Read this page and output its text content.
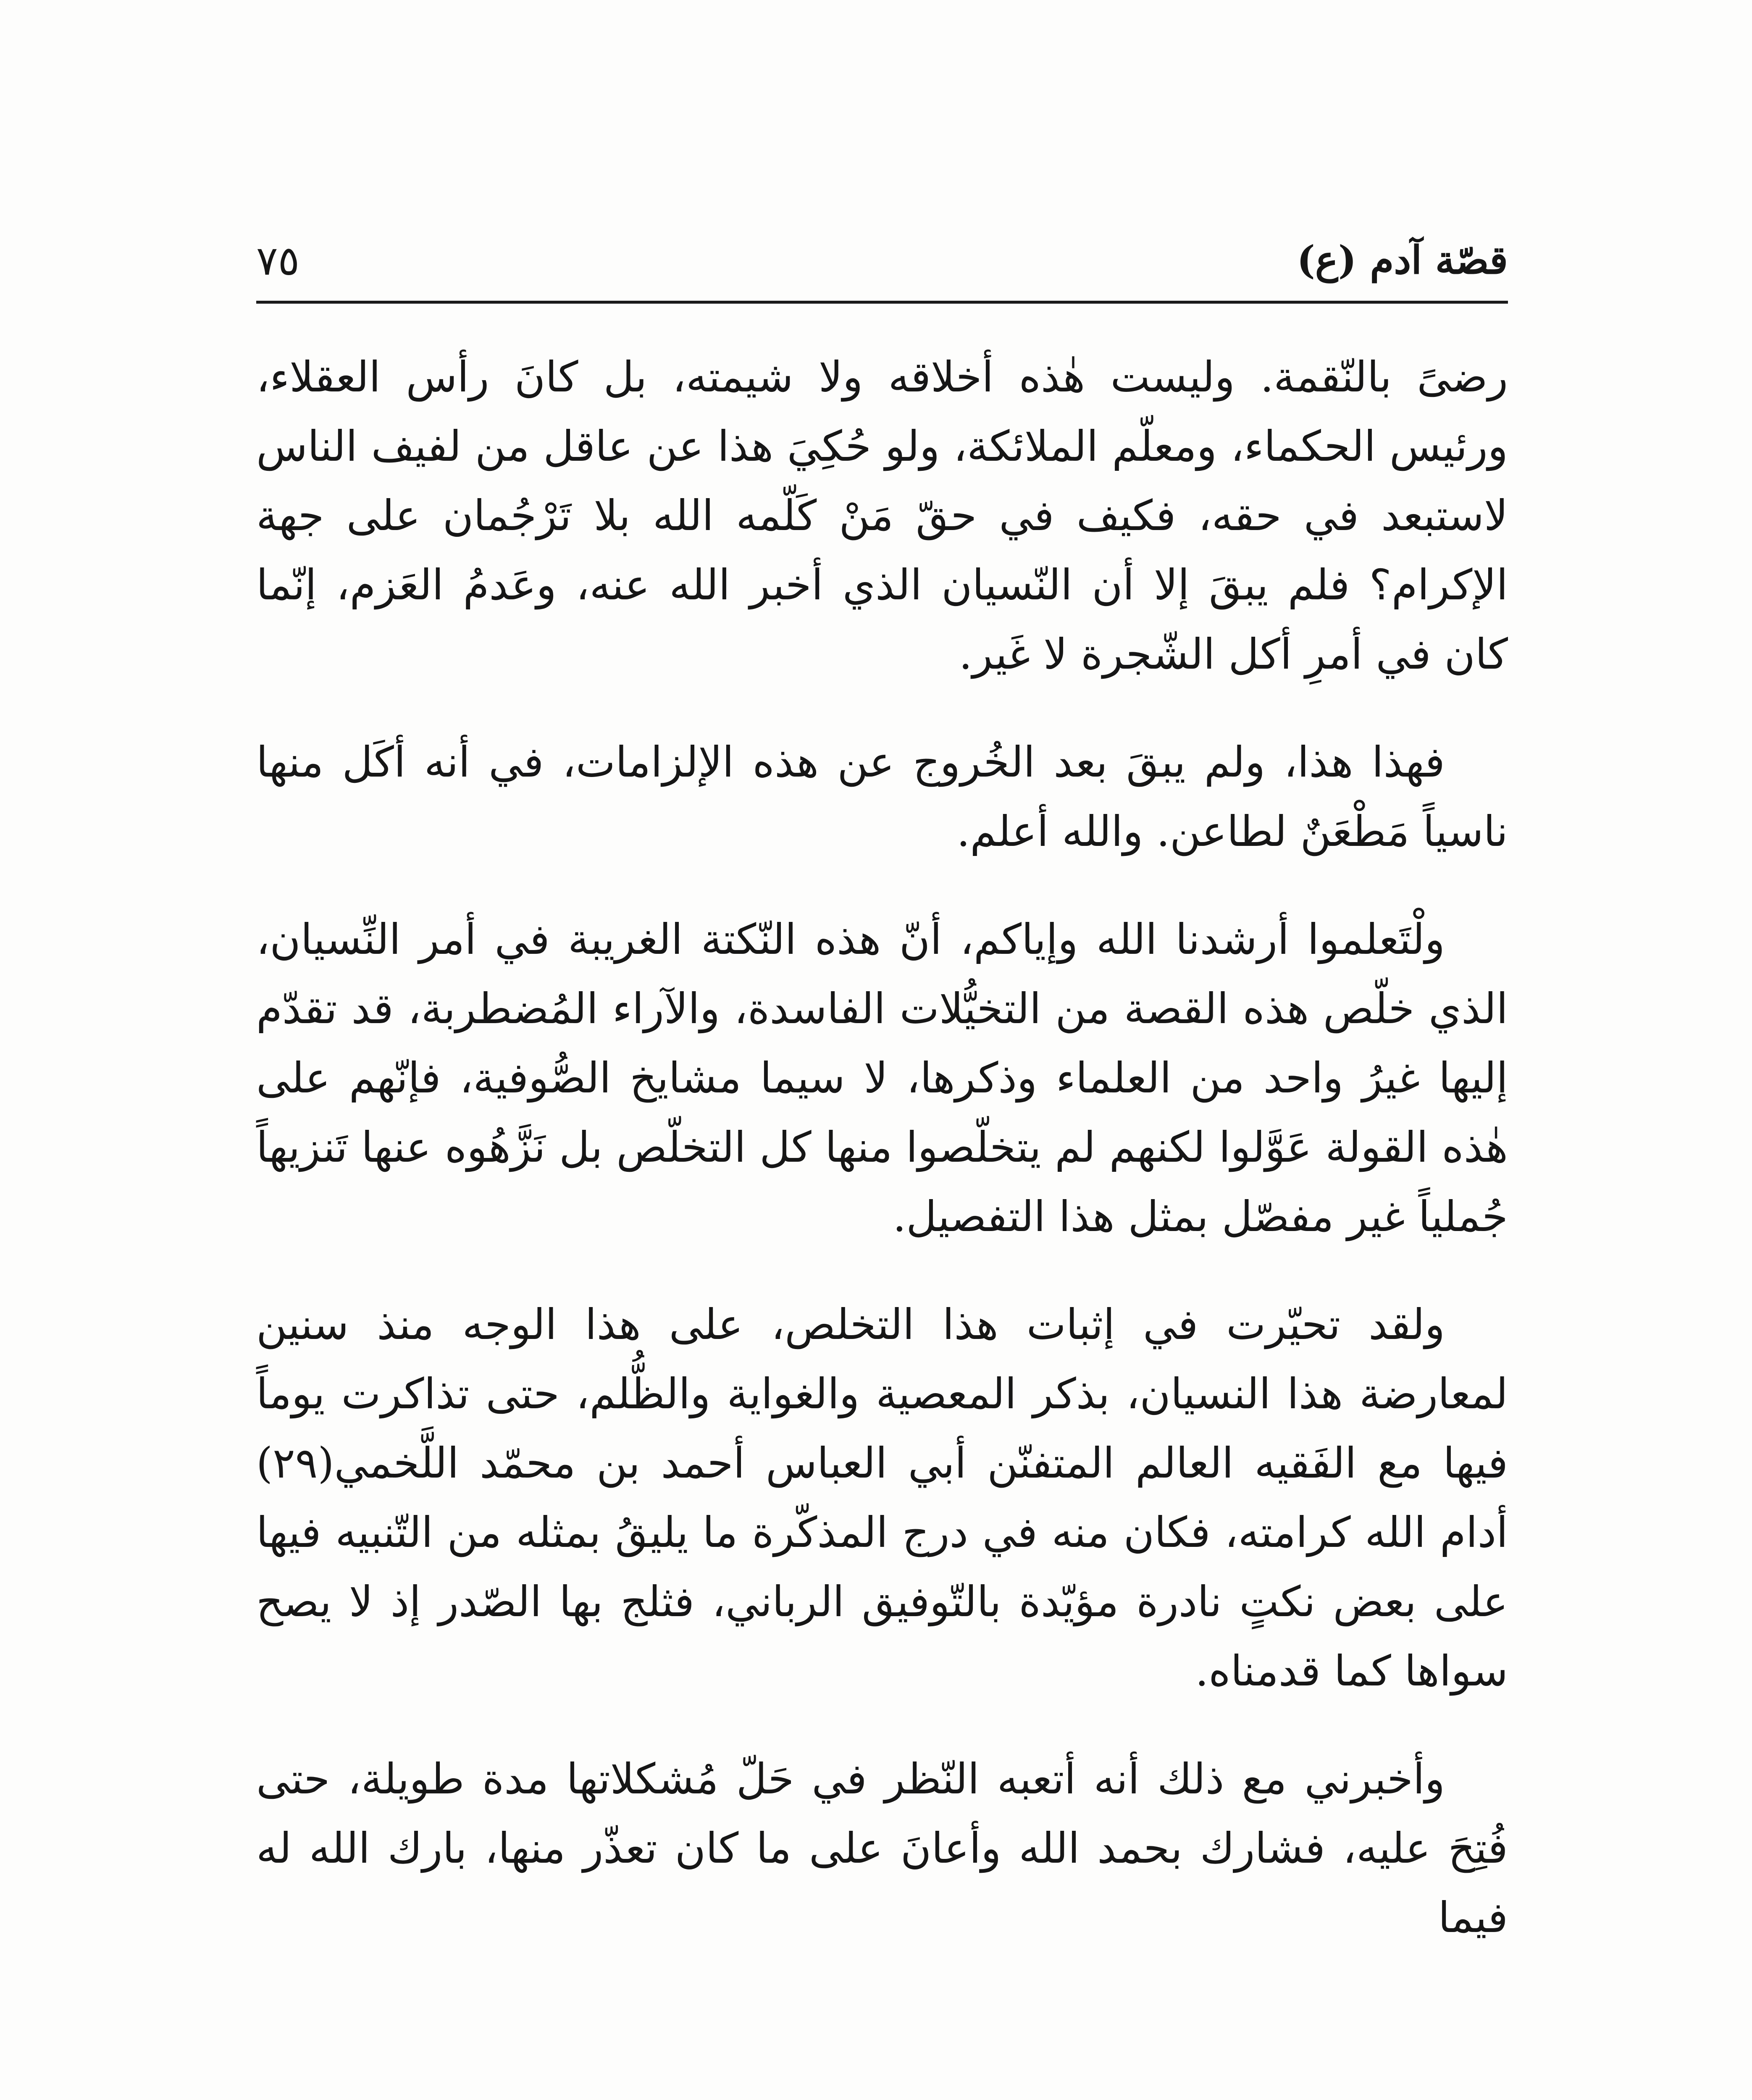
قصّة آدم (ع)
٧٥

رضىً بالنّقمة. وليست هٰذه أخلاقه ولا شيمته، بل كانَ رأس العقلاء، ورئيس الحكماء، ومعلّم الملائكة، ولو حُكِيَ هذا عن عاقل من لفيف الناس لاستبعد في حقه، فكيف في حقّ مَنْ كَلّمه الله بلا تَرْجُمان على جهة الإكرام؟ فلم يبقَ إلا أن النّسيان الذي أخبر الله عنه، وعَدمُ العَزم، إنّما كان في أمرِ أكل الشّجرة لا غَير.

فهذا هذا، ولم يبقَ بعد الخُروج عن هذه الإلزامات، في أنه أكَل منها ناسياً مَطْعَنٌ لطاعن. والله أعلم.

ولْتَعلموا أرشدنا الله وإياكم، أنّ هذه النّكتة الغريبة في أمر النِّسيان، الذي خلّص هذه القصة من التخيُّلات الفاسدة، والآراء المُضطربة، قد تقدّم إليها غيرُ واحد من العلماء وذكرها، لا سيما مشايخ الصُّوفية، فإنّهم على هٰذه القولة عَوَّلوا لكنهم لم يتخلّصوا منها كل التخلّص بل نَزَّهُوه عنها تَنزيهاً جُملياً غير مفصّل بمثل هذا التفصيل.

ولقد تحيّرت في إثبات هذا التخلص، على هذا الوجه منذ سنين لمعارضة هذا النسيان، بذكر المعصية والغواية والظُّلم، حتى تذاكرت يوماً فيها مع الفَقيه العالم المتفنّن أبي العباس أحمد بن محمّد اللَّخمي(٢٩) أدام الله كرامته، فكان منه في درج المذكّرة ما يليقُ بمثله من التّنبيه فيها على بعض نكتٍ نادرة مؤيّدة بالتّوفيق الرباني، فثلج بها الصّدر إذ لا يصح سواها كما قدمناه.

وأخبرني مع ذلك أنه أتعبه النّظر في حَلّ مُشكلاتها مدة طويلة، حتى فُتِحَ عليه، فشارك بحمد الله وأعانَ على ما كان تعذّر منها، بارك الله له فيما
